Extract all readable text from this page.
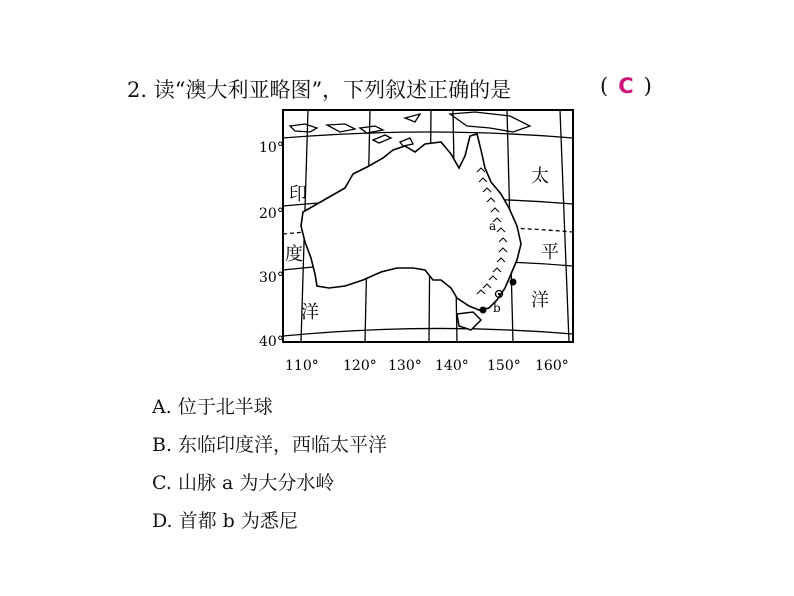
2. 读“澳大利亚略图”，下列叙述正确的是	( C )
a
b
10°
20°
30°
40°
110° 120° 130° 140° 150° 160°
印
度
洋
太
平
洋
A. 位于北半球
B. 东临印度洋，西临太平洋
C. 山脉 a 为大分水岭
D. 首都 b 为悉尼
